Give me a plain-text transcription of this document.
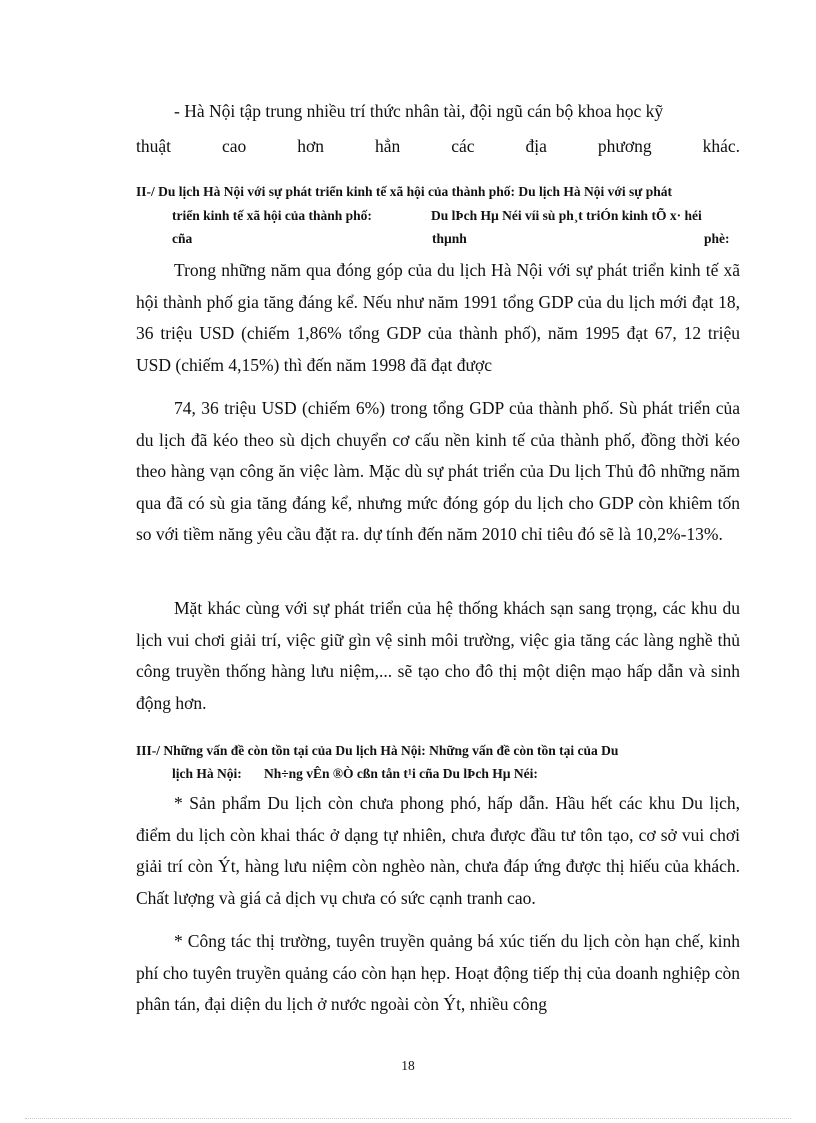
- Hà Nội tập trung nhiều trí thức nhân tài, đội ngũ cán bộ khoa học kỹ
thuật	cao	hơn	hẳn	các	địa	phương	khác.
II-/ Du lịch Hà Nội với sự phát triển kinh tế xã hội của thành phố: Du lịch Hà Nội với sự phát
triển kinh tế xã hội của thành phố:	Du lÞch Hµ Néi víi sù ph¸t triÓn kinh tÕ x· héi
cña	thµnh	phè:

Trong những năm qua đóng góp của du lịch Hà Nội với sự phát triển kinh tế xã hội thành phố gia tăng đáng kể. Nếu như năm 1991 tổng GDP của du lịch mới đạt 18, 36 triệu USD (chiếm 1,86% tổng GDP của thành phố), năm 1995 đạt 67, 12 triệu USD (chiếm 4,15%) thì đến năm 1998 đã đạt được

74, 36 triệu USD (chiếm 6%) trong tổng GDP của thành phố. Sù phát triển của du lịch đã kéo theo sù dịch chuyển cơ cấu nền kinh tế của thành phố, đồng thời kéo theo hàng vạn công ăn việc làm. Mặc dù sự phát triển của Du lịch Thủ đô những năm qua đã có sù gia tăng đáng kể, nhưng mức đóng góp du lịch cho GDP còn khiêm tốn so với tiềm năng yêu cầu đặt ra. dự tính đến năm 2010 chỉ tiêu đó sẽ là 10,2%-13%.

Mặt khác cùng với sự phát triển của hệ thống khách sạn sang trọng, các khu du lịch vui chơi giải trí, việc giữ gìn vệ sinh môi trường, việc gia tăng các làng nghề thủ công truyền thống hàng lưu niệm,... sẽ tạo cho đô thị một diện mạo hấp dẫn và sinh động hơn.

III-/ Những vấn đề còn tồn tại của Du lịch Hà Nội: Những vấn đề còn tồn tại của Du
lịch Hà Nội: Nh÷ng vÊn ®Ò cßn tån t¹i cña Du lÞch Hµ Néi:

* Sản phẩm Du lịch còn chưa phong phó, hấp dẫn. Hầu hết các khu Du lịch, điểm du lịch còn khai thác ở dạng tự nhiên, chưa được đầu tư tôn tạo, cơ sở vui chơi giải trí còn Ýt, hàng lưu niệm còn nghèo nàn, chưa đáp ứng được thị hiếu của khách. Chất lượng và giá cả dịch vụ chưa có sức cạnh tranh cao.

* Công tác thị trường, tuyên truyền quảng bá xúc tiến du lịch còn hạn chế, kinh phí cho tuyên truyền quảng cáo còn hạn hẹp. Hoạt động tiếp thị của doanh nghiệp còn phân tán, đại diện du lịch ở nước ngoài còn Ýt, nhiều công

18
